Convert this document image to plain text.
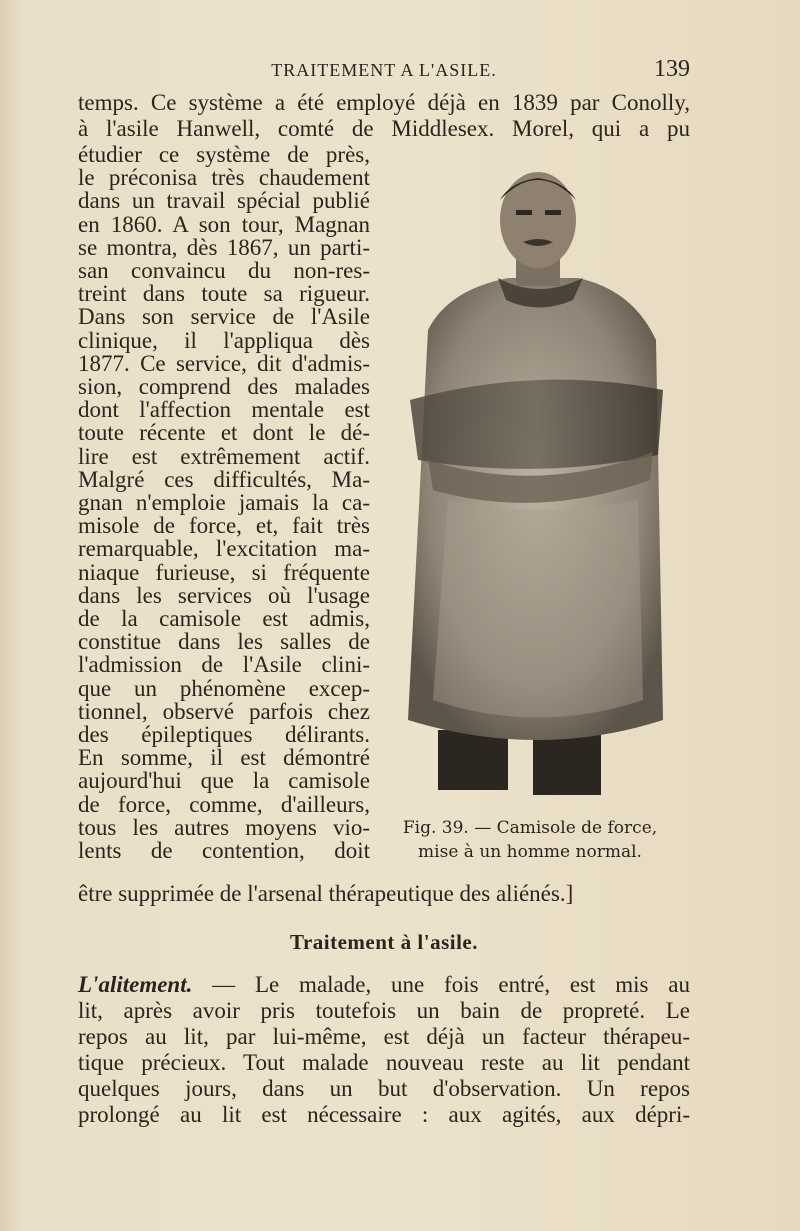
TRAITEMENT A L'ASILE.	139
temps. Ce système a été employé déjà en 1839 par Conolly,
à l'asile Hanwell, comté de Middlesex. Morel, qui a pu
étudier ce système de près,
le préconisa très chaudement
dans un travail spécial publié
en 1860. A son tour, Magnan
se montra, dès 1867, un parti-
san convaincu du non-res-
treint dans toute sa rigueur.
Dans son service de l'Asile
clinique, il l'appliqua dès
1877. Ce service, dit d'admis-
sion, comprend des malades
dont l'affection mentale est
toute récente et dont le dé-
lire est extrêmement actif.
Malgré ces difficultés, Ma-
gnan n'emploie jamais la ca-
misole de force, et, fait très
remarquable, l'excitation ma-
niaque furieuse, si fréquente
dans les services où l'usage
de la camisole est admis,
constitue dans les salles de
l'admission de l'Asile clini-
que un phénomène excep-
tionnel, observé parfois chez
des épileptiques délirants.
En somme, il est démontré
aujourd'hui que la camisole
de force, comme, d'ailleurs,
tous les autres moyens vio-
lents de contention, doit
Fig. 39. — Camisole de force,
mise à un homme normal.
être supprimée de l'arsenal thérapeutique des aliénés.]
Traitement à l'asile.
L'alitement. — Le malade, une fois entré, est mis au
lit, après avoir pris toutefois un bain de propreté. Le
repos au lit, par lui-même, est déjà un facteur thérapeu-
tique précieux. Tout malade nouveau reste au lit pendant
quelques jours, dans un but d'observation. Un repos
prolongé au lit est nécessaire : aux agités, aux dépri-
